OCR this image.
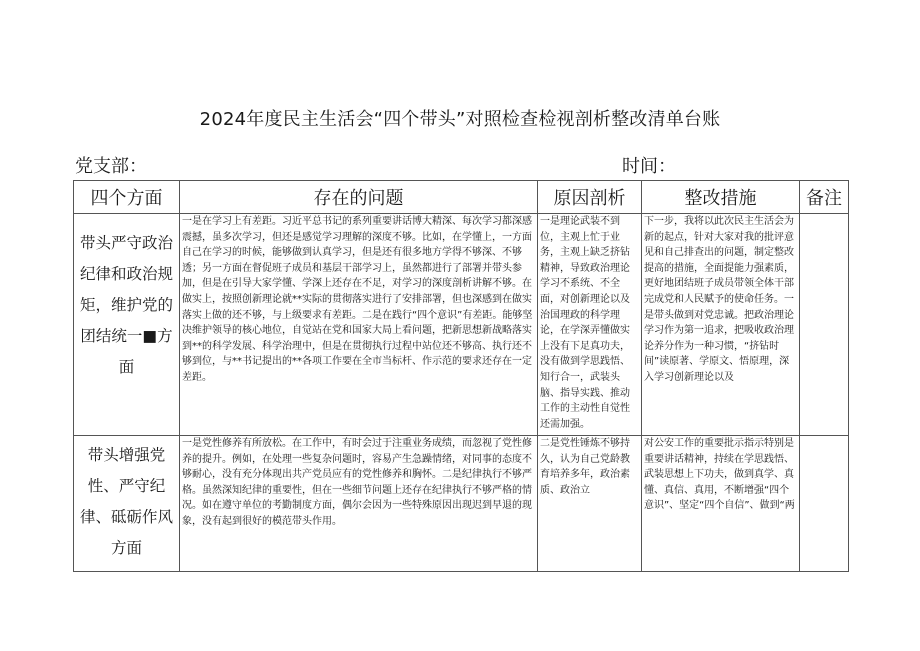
2024年度民主生活会“四个带头”对照检查检视剖析整改清单台账
党支部：	时间：
四个方面	存在的问题	原因剖析	整改措施	备注
带头严守政治纪律和政治规矩，维护党的团结统一■方面	一是在学习上有差距。习近平总书记的系列重要讲话博大精深、每次学习都深感震撼，虽多次学习，但还是感觉学习理解的深度不够。比如，在学懂上，一方面自己在学习的时候，能够做到认真学习，但是还有很多地方学得不够深、不够透；另一方面在督促班子成员和基层干部学习上，虽然都进行了部署并带头参加，但是在引导大家学懂、学深上还存在不足，对学习的深度剖析讲解不够。在做实上，按照创新理论就**实际的贯彻落实进行了安排部署，但也深感到在做实落实上做的还不够，与上级要求有差距。二是在践行“四个意识”有差距。能够坚决维护领导的核心地位，自觉站在党和国家大局上看问题，把新思想新战略落实到**的科学发展、科学治理中，但是在贯彻执行过程中站位还不够高、执行还不够到位，与**书记提出的**各项工作要在全市当标杆、作示范的要求还存在一定差距。	一是理论武装不到位，主观上忙于业务，主观上缺乏挤钻精神，导致政治理论学习不系统、不全面，对创新理论以及治国理政的科学理论，在学深弄懂做实上没有下足真功夫，没有做到学思践悟、知行合一，武装头脑、指导实践、推动工作的主动性自觉性还需加强。	下一步，我将以此次民主生活会为新的起点，针对大家对我的批评意见和自己排查出的问题，制定整改提高的措施，全面提能力强素质，更好地团结班子成员带领全体干部完成党和人民赋予的使命任务。一是带头做到对党忠诚。把政治理论学习作为第一追求，把吸收政治理论养分作为一种习惯，“挤钻时间”读原著、学原文、悟原理，深入学习创新理论以及	
带头增强党性、严守纪律、砥砺作风方面	一是党性修养有所放松。在工作中，有时会过于注重业务成绩，而忽视了党性修养的提升。例如，在处理一些复杂问题时，容易产生急躁情绪，对同事的态度不够耐心，没有充分体现出共产党员应有的党性修养和胸怀。二是纪律执行不够严格。虽然深知纪律的重要性，但在一些细节问题上还存在纪律执行不够严格的情况。如在遵守单位的考勤制度方面，偶尔会因为一些特殊原因出现迟到早退的现象，没有起到很好的模范带头作用。	二是党性锤炼不够持久，认为自己党龄教育培养多年，政治素质、政治立	对公安工作的重要批示指示特别是重要讲话精神，持续在学思践悟、武装思想上下功夫，做到真学、真懂、真信、真用，不断增强“四个意识”、坚定“四个自信”、做到“两	
